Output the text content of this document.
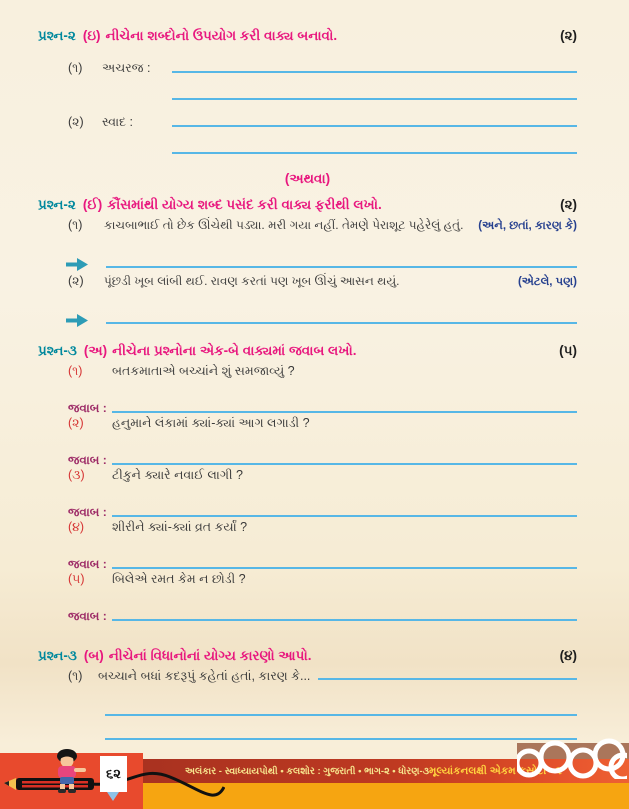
પ્રશ્ન-૨ (ઇ) નીચેના શબ્દોનો ઉપયોગ કરી વાક્ય બનાવો.	(૨)
(૧)	અચરજ :
(૨)	સ્વાદ :
(અથવા)
પ્રશ્ન-૨ (ઈ) કૌંસમાંથી યોગ્ય શબ્દ પસંદ કરી વાક્ય ફરીથી લખો.	(૨)
(૧)	કાચબાભાઈ તો છેક ઊંચેથી પડ્યા. મરી ગયા નહીં. તેમણે પેરાશૂટ પહેરેલું હતું.	(અને, છતાં, કારણ કે)
(૨)	પૂંછડી ખૂબ લાંબી થઈ. રાવણ કરતાં પણ ખૂબ ઊંચું આસન થયું.	(એટલે, પણ)
પ્રશ્ન-૩ (અ) નીચેના પ્રશ્નોના એક-બે વાક્યમાં જવાબ લખો.	(૫)
(૧)	બતકમાતાએ બચ્ચાંને શું સમજાવ્યું ?
જવાબ :
(૨)	હનુમાને લંકામાં ક્યાં-ક્યાં આગ લગાડી ?
જવાબ :
(૩)	ટીકુને ક્યારે નવાઈ લાગી ?
જવાબ :
(૪)	શીરીને ક્યાં-ક્યાં વ્રત કર્યાં ?
જવાબ :
(૫)	બિલેએ રમત કેમ ન છોડી ?
જવાબ :
પ્રશ્ન-૩ (બ) નીચેનાં વિધાનોનાં યોગ્ય કારણો આપો.	(૪)
(૧)	બચ્ચાને બધાં કદરૂપું કહેતાં હતાં, કારણ કે...
અલંકાર - સ્વાધ્યાયપોથી • કલશોર : ગુજરાતી • ભાગ-૨ • ધોરણ-૩ મૂલ્યાંકનલક્ષી એકમ કસોટી - ૨
૬૨
